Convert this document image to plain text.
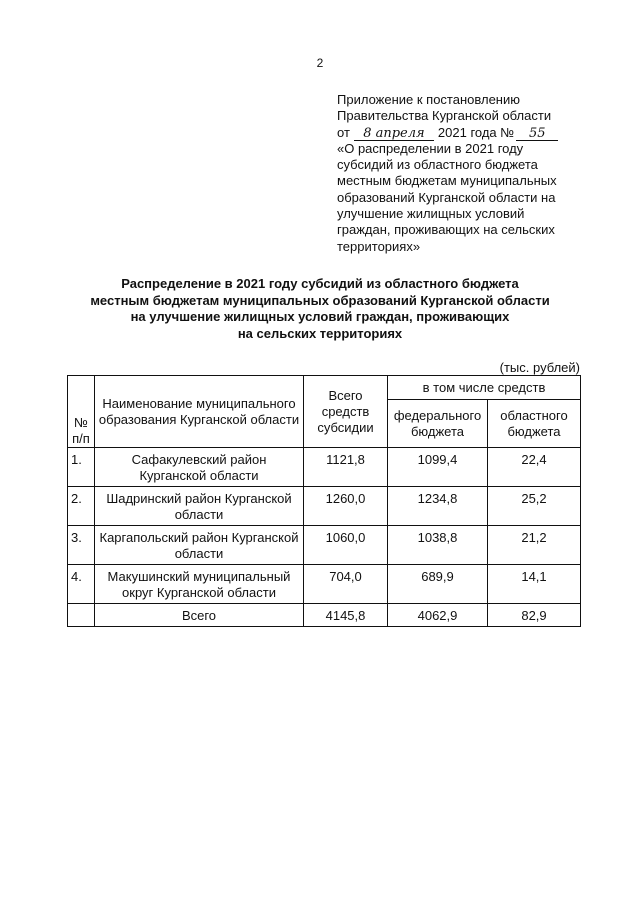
2
Приложение к постановлению
Правительства Курганской области
от 8 апреля 2021 года № 55
«О распределении в 2021 году
субсидий из областного бюджета
местным бюджетам муниципальных
образований Курганской области на
улучшение жилищных условий
граждан, проживающих на сельских
территориях»
Распределение в 2021 году субсидий из областного бюджета
местным бюджетам муниципальных образований Курганской области
на улучшение жилищных условий граждан, проживающих
на сельских территориях
(тыс. рублей)
№ п/п	Наименование муниципального образования Курганской области	Всего средств субсидии	в том числе средств	
			федерального бюджета	областного бюджета
1.	Сафакулевский район Курганской области	1121,8	1099,4	22,4
2.	Шадринский район Курганской области	1260,0	1234,8	25,2
3.	Каргапольский район Курганской области	1060,0	1038,8	21,2
4.	Макушинский муниципальный округ Курганской области	704,0	689,9	14,1
	Всего	4145,8	4062,9	82,9
